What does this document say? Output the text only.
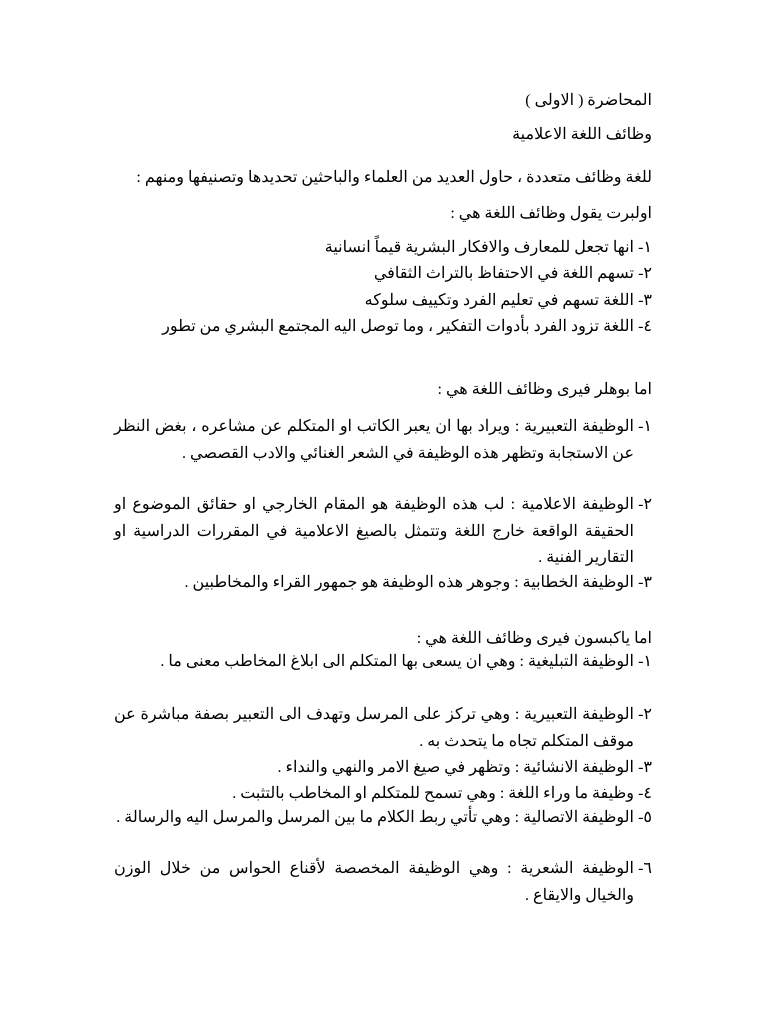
المحاضرة ( الاولى )
وظائف اللغة الاعلامية
للغة وظائف متعددة ، حاول العديد من العلماء والباحثين تحديدها وتصنيفها ومنهم :
اولبرت يقول وظائف اللغة هي :
١-
انها تجعل للمعارف والافكار البشرية قيماً انسانية
٢-
تسهم اللغة في الاحتفاظ بالتراث الثقافي
٣-
اللغة تسهم في تعليم الفرد وتكييف سلوكه
٤-
اللغة تزود الفرد بأدوات التفكير ، وما توصل اليه المجتمع البشري من تطور
اما بوهلر فيرى وظائف اللغة هي :
١-
الوظيفة التعبيرية : ويراد بها ان يعبر الكاتب او المتكلم عن مشاعره ، بغض النظر عن الاستجابة وتظهر هذه الوظيفة في الشعر الغنائي والادب القصصي .
٢-
الوظيفة الاعلامية : لب هذه الوظيفة هو المقام الخارجي او حقائق الموضوع او الحقيقة الواقعة خارج اللغة وتتمثل بالصيغ الاعلامية في المقررات الدراسية او التقارير الفنية .
٣-
الوظيفة الخطابية : وجوهر هذه الوظيفة هو جمهور القراء والمخاطبين .
اما ياكبسون فيرى وظائف اللغة هي :
١-
الوظيفة التبليغية : وهي ان يسعى بها المتكلم الى ابلاغ المخاطب معنى ما .
٢-
الوظيفة التعبيرية : وهي تركز على المرسل وتهدف الى التعبير بصفة مباشرة عن موقف المتكلم تجاه ما يتحدث به .
٣-
الوظيفة الانشائية : وتظهر في صيغ الامر والنهي والنداء .
٤-
وظيفة ما وراء اللغة : وهي تسمح للمتكلم او المخاطب بالتثبت .
٥-
الوظيفة الاتصالية : وهي تأتي ربط الكلام ما بين المرسل والمرسل اليه والرسالة .
٦-
الوظيفة الشعرية : وهي الوظيفة المخصصة لأقناع الحواس من خلال الوزن والخيال والايقاع .
